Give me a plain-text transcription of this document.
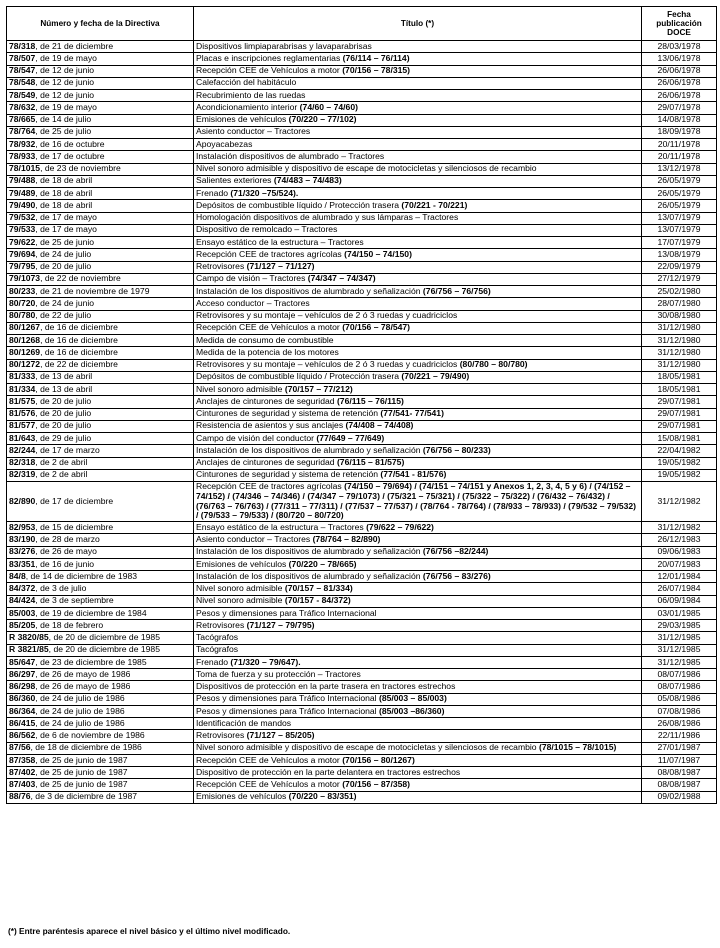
Número y fecha de la Directiva	Título (*)	Fecha publicación DOCE
78/318, de 21 de diciembre	Dispositivos limpiaparabrisas y lavaparabrisas	28/03/1978
78/507, de 19 de mayo	Placas e inscripciones reglamentarias (76/114 – 76/114)	13/06/1978
78/547, de 12 de junio	Recepción CEE de Vehículos a motor (70/156 – 78/315)	26/06/1978
78/548, de 12 de junio	Calefacción del habitáculo	26/06/1978
78/549, de 12 de junio	Recubrimiento de las ruedas	26/06/1978
78/632, de 19 de mayo	Acondicionamiento interior (74/60 – 74/60)	29/07/1978
78/665, de 14 de julio	Emisiones de vehículos (70/220 – 77/102)	14/08/1978
78/764, de 25 de julio	Asiento conductor – Tractores	18/09/1978
78/932, de 16 de octubre	Apoyacabezas	20/11/1978
78/933, de 17 de octubre	Instalación dispositivos de alumbrado – Tractores	20/11/1978
78/1015, de 23 de noviembre	Nivel sonoro admisible y dispositivo de escape de motocicletas y silenciosos de recambio	13/12/1978
79/488, de 18 de abril	Salientes exteriores (74/483 – 74/483)	26/05/1979
79/489, de 18 de abril	Frenado (71/320 –75/524).	26/05/1979
79/490, de 18 de abril	Depósitos de combustible líquido / Protección trasera (70/221 - 70/221)	26/05/1979
79/532, de 17 de mayo	Homologación dispositivos de alumbrado y sus lámparas – Tractores	13/07/1979
79/533, de 17 de mayo	Dispositivo de remolcado – Tractores	13/07/1979
79/622, de 25 de junio	Ensayo estático de la estructura – Tractores	17/07/1979
79/694, de 24 de julio	Recepción CEE de tractores agrícolas (74/150 – 74/150)	13/08/1979
79/795, de 20 de julio	Retrovisores (71/127 – 71/127)	22/09/1979
79/1073, de 22 de noviembre	Campo de visión – Tractores (74/347 – 74/347)	27/12/1979
80/233, de 21 de noviembre de 1979	Instalación de los dispositivos de alumbrado y señalización (76/756 – 76/756)	25/02/1980
80/720, de 24 de junio	Acceso conductor – Tractores	28/07/1980
80/780, de 22 de julio	Retrovisores y su montaje – vehículos de 2 ó 3 ruedas y cuadriciclos	30/08/1980
80/1267, de 16 de diciembre	Recepción CEE de Vehículos a motor (70/156 – 78/547)	31/12/1980
80/1268, de 16 de diciembre	Medida de consumo de combustible	31/12/1980
80/1269, de 16 de diciembre	Medida de la potencia de los motores	31/12/1980
80/1272, de 22 de diciembre	Retrovisores y su montaje – vehículos de 2 ó 3 ruedas y cuadriciclos (80/780 – 80/780)	31/12/1980
81/333, de 13 de abril	Depósitos de combustible líquido / Protección trasera (70/221 – 79/490)	18/05/1981
81/334, de 13 de abril	Nivel sonoro admisible (70/157 – 77/212)	18/05/1981
81/575, de 20 de julio	Anclajes de cinturones de seguridad (76/115 – 76/115)	29/07/1981
81/576, de 20 de julio	Cinturones de seguridad y sistema de retención (77/541- 77/541)	29/07/1981
81/577, de 20 de julio	Resistencia de asientos y sus anclajes (74/408 – 74/408)	29/07/1981
81/643, de 29 de julio	Campo de visión del conductor (77/649 – 77/649)	15/08/1981
82/244, de 17 de marzo	Instalación de los dispositivos de alumbrado y señalización (76/756 – 80/233)	22/04/1982
82/318, de 2 de abril	Anclajes de cinturones de seguridad (76/115 – 81/575)	19/05/1982
82/319, de 2 de abril	Cinturones de seguridad y sistema de retención (77/541 - 81/576)	19/05/1982
82/890, de 17 de diciembre	Recepción CEE de tractores agrícolas (74/150 – 79/694) / (74/151 – 74/151 y Anexos 1, 2, 3, 4, 5 y 6) / (74/152 – 74/152) / (74/346 – 74/346) / (74/347 – 79/1073) / (75/321 – 75/321) / (75/322 – 75/322) / (76/432 – 76/432) / (76/763 – 76/763) / (77/311 – 77/311) / (77/537 – 77/537) / (78/764 - 78/764) / (78/933 – 78/933) / (79/532 – 79/532) / (79/533 – 79/533) / (80/720 – 80/720)	31/12/1982
82/953, de 15 de diciembre	Ensayo estático de la estructura – Tractores (79/622 – 79/622)	31/12/1982
83/190, de 28 de marzo	Asiento conductor – Tractores (78/764 – 82/890)	26/12/1983
83/276, de 26 de mayo	Instalación de los dispositivos de alumbrado y señalización (76/756 –82/244)	09/06/1983
83/351, de 16 de junio	Emisiones de vehículos (70/220 – 78/665)	20/07/1983
84/8, de 14 de diciembre de 1983	Instalación de los dispositivos de alumbrado y señalización (76/756 – 83/276)	12/01/1984
84/372, de 3 de julio	Nivel sonoro admisible (70/157 – 81/334)	26/07/1984
84/424, de 3 de septiembre	Nivel sonoro admisible (70/157 - 84/372)	06/09/1984
85/003, de 19 de diciembre de 1984	Pesos y dimensiones para Tráfico Internacional	03/01/1985
85/205, de 18 de febrero	Retrovisores (71/127 – 79/795)	29/03/1985
R 3820/85, de 20 de diciembre de 1985	Tacógrafos	31/12/1985
R 3821/85, de 20 de diciembre de 1985	Tacógrafos	31/12/1985
85/647, de 23 de diciembre de 1985	Frenado (71/320 – 79/647).	31/12/1985
86/297, de 26 de mayo de 1986	Toma de fuerza y su protección – Tractores	08/07/1986
86/298, de 26 de mayo de 1986	Dispositivos de protección en la parte trasera en tractores estrechos	08/07/1986
86/360, de 24 de julio de 1986	Pesos y dimensiones para Tráfico Internacional (85/003 – 85/003)	05/08/1986
86/364, de 24 de julio de 1986	Pesos y dimensiones para Tráfico Internacional (85/003 –86/360)	07/08/1986
86/415, de 24 de julio de 1986	Identificación de mandos	26/08/1986
86/562, de 6 de noviembre de 1986	Retrovisores (71/127 – 85/205)	22/11/1986
87/56, de 18 de diciembre de 1986	Nivel sonoro admisible y dispositivo de escape de motocicletas y silenciosos de recambio (78/1015 – 78/1015)	27/01/1987
87/358, de 25 de junio de 1987	Recepción CEE de Vehículos a motor (70/156 – 80/1267)	11/07/1987
87/402, de 25 de junio de 1987	Dispositivo de protección en la parte delantera en tractores estrechos	08/08/1987
87/403, de 25 de junio de 1987	Recepción CEE de Vehículos a motor (70/156 – 87/358)	08/08/1987
88/76, de 3 de diciembre de 1987	Emisiones de vehículos (70/220 – 83/351)	09/02/1988
(*) Entre paréntesis aparece el nivel básico y el último nivel modificado.
